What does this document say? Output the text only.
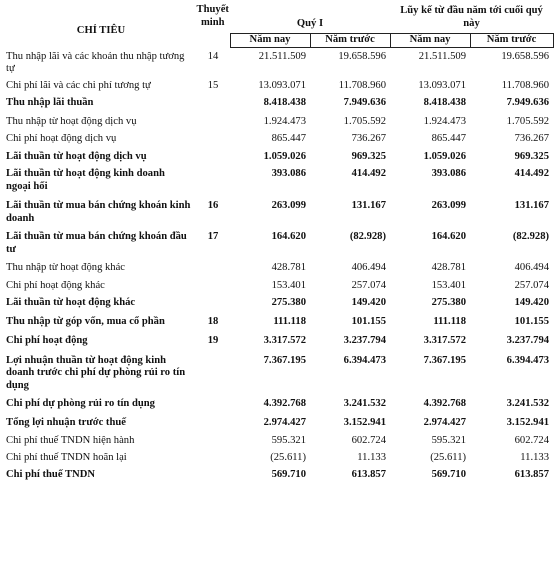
CHỈ TIÊU	Thuyết minh	Quý I		Lũy kế từ đầu năm tới cuối quý này	

		Năm nay	Năm trước	Năm nay	Năm trước
Thu nhập lãi và các khoản thu nhập tương tự	14	21.511.509	19.658.596	21.511.509	19.658.596
Chi phí lãi và các chi phí tương tự	15	13.093.071	11.708.960	13.093.071	11.708.960
Thu nhập lãi thuần		8.418.438	7.949.636	8.418.438	7.949.636
Thu nhập từ hoạt động dịch vụ		1.924.473	1.705.592	1.924.473	1.705.592
Chi phí hoạt động dịch vụ		865.447	736.267	865.447	736.267
Lãi thuần từ hoạt động dịch vụ		1.059.026	969.325	1.059.026	969.325
Lãi thuần từ hoạt động kinh doanh ngoại hối		393.086	414.492	393.086	414.492
Lãi thuần từ mua bán chứng khoán kinh doanh	16	263.099	131.167	263.099	131.167
Lãi thuần từ mua bán chứng khoán đầu tư	17	164.620	(82.928)	164.620	(82.928)
Thu nhập từ hoạt động khác		428.781	406.494	428.781	406.494
Chi phí hoạt động khác		153.401	257.074	153.401	257.074
Lãi thuần từ hoạt động khác		275.380	149.420	275.380	149.420
Thu nhập từ góp vốn, mua cổ phần	18	111.118	101.155	111.118	101.155
Chi phí hoạt động	19	3.317.572	3.237.794	3.317.572	3.237.794
Lợi nhuận thuần từ hoạt động kinh doanh trước chi phí dự phòng rủi ro tín dụng		7.367.195	6.394.473	7.367.195	6.394.473
Chi phí dự phòng rủi ro tín dụng		4.392.768	3.241.532	4.392.768	3.241.532
Tổng lợi nhuận trước thuế		2.974.427	3.152.941	2.974.427	3.152.941
Chi phí thuế TNDN hiện hành		595.321	602.724	595.321	602.724
Chi phí thuế TNDN hoãn lại		(25.611)	11.133	(25.611)	11.133
Chi phí thuế TNDN		569.710	613.857	569.710	613.857
